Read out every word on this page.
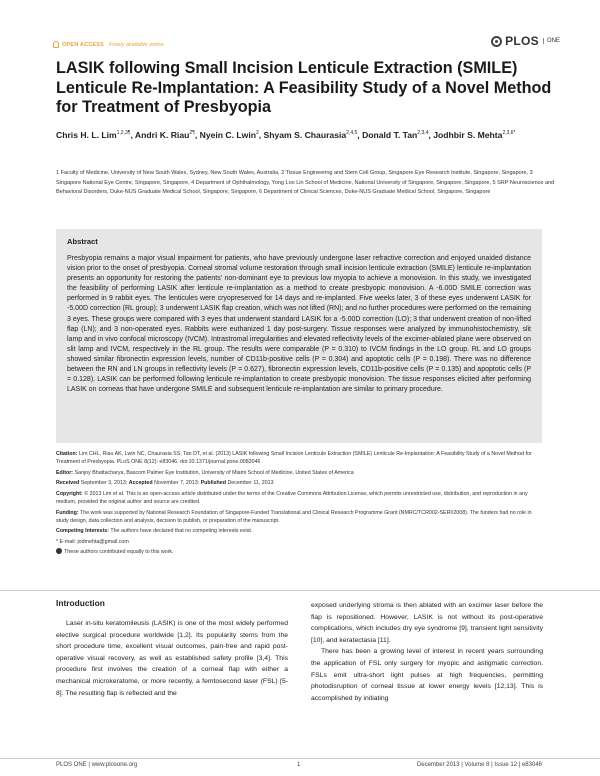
OPEN ACCESS Freely available online	PLOS	ONE
LASIK following Small Incision Lenticule Extraction (SMILE) Lenticule Re-Implantation: A Feasibility Study of a Novel Method for Treatment of Presbyopia
Chris H. L. Lim$^{1,2,3\P}$, Andri K. Riau$^{2\P}$, Nyein C. Lwin$^2$, Shyam S. Chaurasia$^{2,4,5}$, Donald T. Tan$^{2,3,4}$, Jodhbir S. Mehta$^{2,3,6*}$
1 Faculty of Medicine, University of New South Wales, Sydney, New South Wales, Australia, 2 Tissue Engineering and Stem Cell Group, Singapore Eye Research Institute, Singapore, Singapore, 3 Singapore National Eye Centre, Singapore, Singapore, 4 Department of Ophthalmology, Yong Loo Lin School of Medicine, National University of Singapore, Singapore, Singapore, 5 SRP Neuroscience and Behavioral Disorders, Duke-NUS Graduate Medical School, Singapore, Singapore, 6 Department of Clinical Sciences, Duke-NUS Graduate Medical School, Singapore, Singapore
Abstract

Presbyopia remains a major visual impairment for patients, who have previously undergone laser refractive correction and enjoyed unaided distance vision prior to the onset of presbyopia. Corneal stromal volume restoration through small incision lenticule extraction (SMILE) lenticule re-implantation presents an opportunity for restoring the patients’ non-dominant eye to previous low myopia to achieve a monovision. In this study, we investigated the feasibility of performing LASIK after lenticule re-implantation as a method to create presbyopic monovision. A -6.00D SMILE correction was performed in 9 rabbit eyes. The lenticules were cryopreserved for 14 days and re-implanted. Five weeks later, 3 of these eyes underwent LASIK for -5.00D correction (RL group); 3 underwent LASIK flap creation, which was not lifted (RN); and no further procedures were performed on the remaining 3 eyes. These groups were compared with 3 eyes that underwent standard LASIK for a -5.00D correction (LO); 3 that underwent creation of non-lifted flap (LN); and 3 non-operated eyes. Rabbits were euthanized 1 day post-surgery. Tissue responses were analyzed by immunohistochemistry, slit lamp and in vivo confocal microscopy (IVCM). Intrastromal irregularities and elevated reflectivity levels of the excimer-ablated plane were observed on slit lamp and IVCM, respectively in the RL group. The results were comparable (P = 0.310) to IVCM findings in the LO group. RL and LO groups showed similar fibronectin expression levels, number of CD11b-positive cells (P = 0.304) and apoptotic cells (P = 0.198). There was no difference between the RN and LN groups in reflectivity levels (P = 0.627), fibronectin expression levels, CD11b-positive cells (P = 0.135) and apoptotic cells (P = 0.128). LASIK can be performed following lenticule re-implantation to create presbyopic monovision. The tissue responses elicited after performing LASIK on corneas that have undergone SMILE and subsequent lenticule re-implantation are similar to primary procedure.

Citation: Lim CHL, Riau AK, Lwin NC, Chaurasia SS, Tan DT, et al. (2013) LASIK following Small Incision Lenticule Extraction (SMILE) Lenticule Re-Implantation: A Feasibility Study of a Novel Method for Treatment of Presbyopia. PLoS ONE 8(12): e83046. doi:10.1371/journal.pone.0083046

Editor: Sanjoy Bhattacharya, Bascom Palmer Eye Institution, University of Miami School of Medicine, United States of America

Received September 3, 2013; Accepted November 7, 2013; Published December 11, 2013

Copyright: © 2013 Lim et al. This is an open-access article distributed under the terms of the Creative Commons Attribution License, which permits unrestricted use, distribution, and reproduction in any medium, provided the original author and source are credited.

Funding: The work was supported by National Research Foundation of Singapore-Funded Translational and Clinical Research Programme Grant (NMRC/TCR002-SERI/2008). The funders had no role in study design, data collection and analysis, decision to publish, or preparation of the manuscript.

Competing Interests: The authors have declared that no competing interests exist.

* E-mail: jodmehta@gmail.com

These authors contributed equally to this work.

Introduction

Laser in-situ keratomileusis (LASIK) is one of the most widely performed elective surgical procedure worldwide [1,2]. Its popularity stems from the short procedure time, excellent visual outcomes, pain-free and rapid post-operative visual recovery, as well as established safety profile [3,4]. This procedure first involves the creation of a corneal flap with either a mechanical microkeratome, or more recently, a femtosecond laser (FSL) [5-8]. The resulting flap is reflected and the

exposed underlying stroma is then ablated with an excimer laser before the flap is repositioned. However, LASIK is not without its post-operative complications, which includes dry eye syndrome [9], transient light sensitivity [10], and keratectasia [11].

There has been a growing level of interest in recent years surrounding the application of FSL only surgery for myopic and astigmatic correction. FSLs emit ultra-short light pulses at high frequencies, permitting photodisruption of corneal tissue at lower energy levels [12,13]. This is accomplished by initiating

PLOS ONE | www.plosone.org	1	December 2013 | Volume 8 | Issue 12 | e83046
